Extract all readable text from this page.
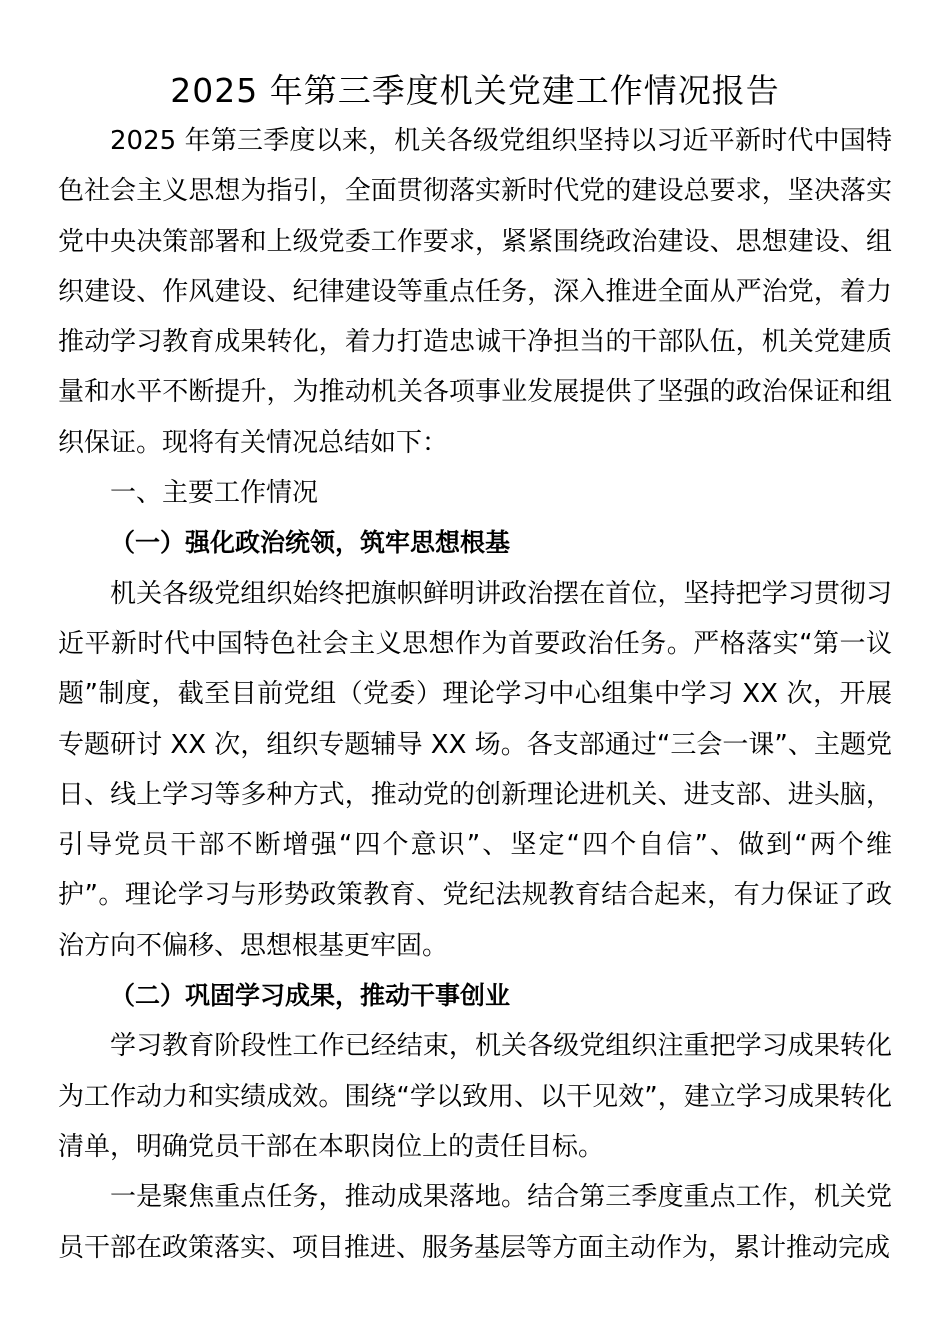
2025 年第三季度机关党建工作情况报告

2025 年第三季度以来，机关各级党组织坚持以习近平新时代中国特色社会主义思想为指引，全面贯彻落实新时代党的建设总要求，坚决落实党中央决策部署和上级党委工作要求，紧紧围绕政治建设、思想建设、组织建设、作风建设、纪律建设等重点任务，深入推进全面从严治党，着力推动学习教育成果转化，着力打造忠诚干净担当的干部队伍，机关党建质量和水平不断提升，为推动机关各项事业发展提供了坚强的政治保证和组织保证。现将有关情况总结如下：

一、主要工作情况

（一）强化政治统领，筑牢思想根基

机关各级党组织始终把旗帜鲜明讲政治摆在首位，坚持把学习贯彻习近平新时代中国特色社会主义思想作为首要政治任务。严格落实“第一议题”制度，截至目前党组（党委）理论学习中心组集中学习 XX 次，开展专题研讨 XX 次，组织专题辅导 XX 场。各支部通过“三会一课”、主题党日、线上学习等多种方式，推动党的创新理论进机关、进支部、进头脑，引导党员干部不断增强“四个意识”、坚定“四个自信”、做到“两个维护”。理论学习与形势政策教育、党纪法规教育结合起来，有力保证了政治方向不偏移、思想根基更牢固。

（二）巩固学习成果，推动干事创业

学习教育阶段性工作已经结束，机关各级党组织注重把学习成果转化为工作动力和实绩成效。围绕“学以致用、以干见效”，建立学习成果转化清单，明确党员干部在本职岗位上的责任目标。

一是聚焦重点任务，推动成果落地。结合第三季度重点工作，机关党员干部在政策落实、项目推进、服务基层等方面主动作为，累计推动完成
